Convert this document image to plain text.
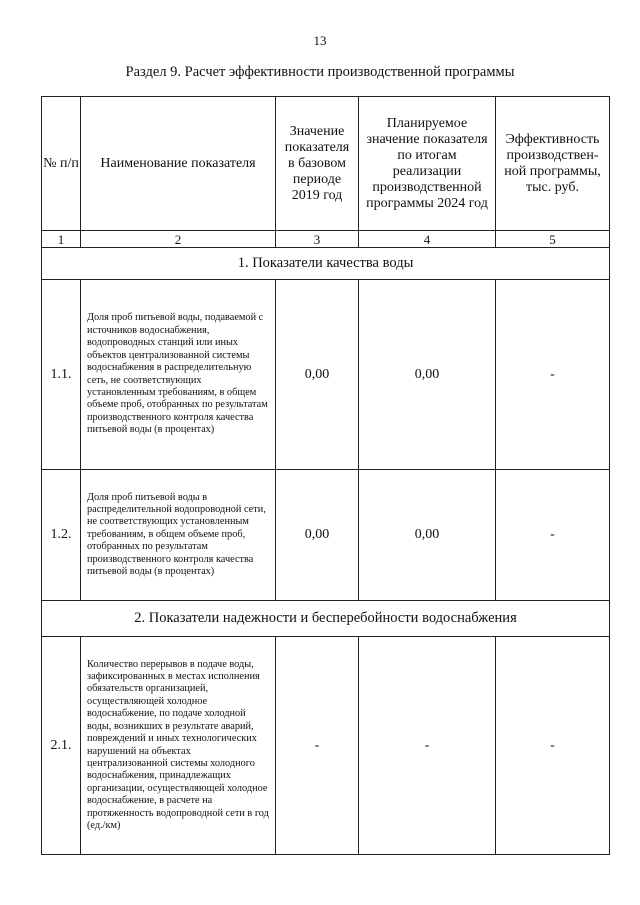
13
Раздел 9. Расчет эффективности производственной программы
№ п/п	Наименование показателя	Значение показателя в базовом периоде 2019 год	Планируемое значение показателя по итогам реализации производственной программы 2024 год	Эффективность производствен-ной программы, тыс. руб.
1	2	3	4	5
1. Показатели качества воды				
1.1.	Доля проб питьевой воды, подаваемой с источников водоснабжения, водопроводных станций или иных объектов централизованной системы водоснабжения в распределительную сеть, не соответствующих установленным требованиям, в общем объеме проб, отобранных по результатам производственного контроля качества питьевой воды (в процентах)	0,00	0,00	-
1.2.	Доля проб питьевой воды в распределительной водопроводной сети, не соответствующих установленным требованиям, в общем объеме проб, отобранных по результатам производственного контроля качества питьевой воды (в процентах)	0,00	0,00	-
2. Показатели надежности и бесперебойности водоснабжения				
2.1.	Количество перерывов в подаче воды, зафиксированных в местах исполнения обязательств организацией, осуществляющей холодное водоснабжение, по подаче холодной воды, возникших в результате аварий, повреждений и иных технологических нарушений на объектах централизованной системы холодного водоснабжения, принадлежащих организации, осуществляющей холодное водоснабжение, в расчете на протяженность водопроводной сети в год (ед./км)	-	-	-
